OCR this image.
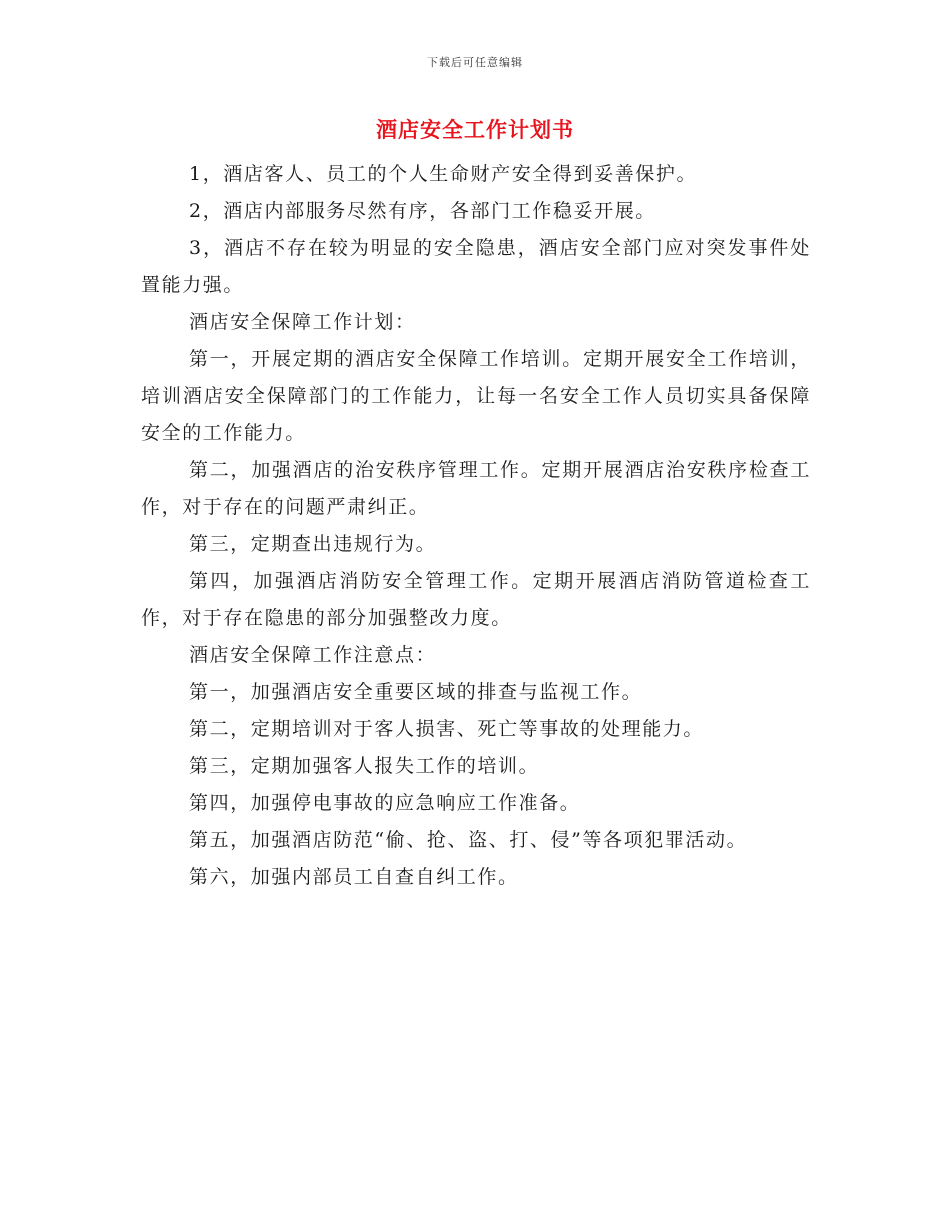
下载后可任意编辑
酒店安全工作计划书

1，酒店客人、员工的个人生命财产安全得到妥善保护。

2，酒店内部服务尽然有序，各部门工作稳妥开展。

3，酒店不存在较为明显的安全隐患，酒店安全部门应对突发事件处置能力强。

酒店安全保障工作计划：

第一，开展定期的酒店安全保障工作培训。定期开展安全工作培训，培训酒店安全保障部门的工作能力，让每一名安全工作人员切实具备保障安全的工作能力。

第二，加强酒店的治安秩序管理工作。定期开展酒店治安秩序检查工作，对于存在的问题严肃纠正。

第三，定期查出违规行为。

第四，加强酒店消防安全管理工作。定期开展酒店消防管道检查工作，对于存在隐患的部分加强整改力度。

酒店安全保障工作注意点：

第一，加强酒店安全重要区域的排查与监视工作。

第二，定期培训对于客人损害、死亡等事故的处理能力。

第三，定期加强客人报失工作的培训。

第四，加强停电事故的应急响应工作准备。

第五，加强酒店防范“偷、抢、盗、打、侵”等各项犯罪活动。

第六，加强内部员工自查自纠工作。
